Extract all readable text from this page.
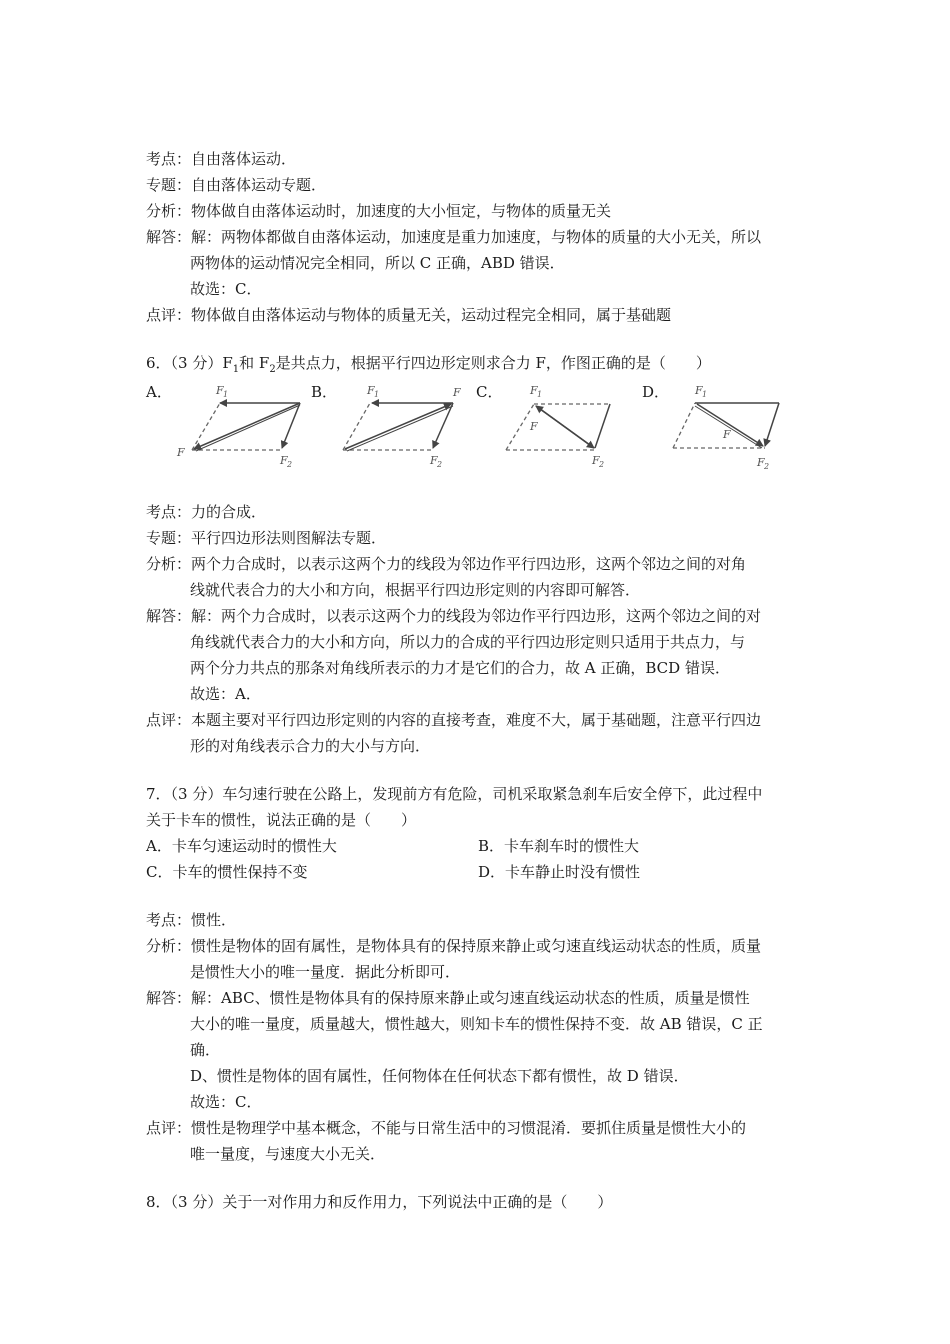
考点：自由落体运动．
专题：自由落体运动专题．
分析：物体做自由落体运动时，加速度的大小恒定，与物体的质量无关
解答：解：两物体都做自由落体运动，加速度是重力加速度，与物体的质量的大小无关，所以
两物体的运动情况完全相同，所以 C 正确，ABD 错误．
故选：C．
点评：物体做自由落体运动与物体的质量无关，运动过程完全相同，属于基础题
6．（3 分）$F_1$和 $F_2$是共点力，根据平行四边形定则求合力 F，作图正确的是（　　）
A．	B．	C．	D．
F 1
F 2
F
F 1
F 2
F	F 1
F 2
F
F 1
F 2
F
考点：力的合成．
专题：平行四边形法则图解法专题．
分析：两个力合成时，以表示这两个力的线段为邻边作平行四边形，这两个邻边之间的对角
线就代表合力的大小和方向，根据平行四边形定则的内容即可解答．
解答：解：两个力合成时，以表示这两个力的线段为邻边作平行四边形，这两个邻边之间的对
角线就代表合力的大小和方向，所以力的合成的平行四边形定则只适用于共点力，与
两个分力共点的那条对角线所表示的力才是它们的合力，故 A 正确，BCD 错误．
故选：A．
点评：本题主要对平行四边形定则的内容的直接考查，难度不大，属于基础题，注意平行四边
形的对角线表示合力的大小与方向．
7．（3 分）车匀速行驶在公路上，发现前方有危险，司机采取紧急刹车后安全停下，此过程中
关于卡车的惯性，说法正确的是（　　）
A．卡车匀速运动时的惯性大	B．卡车刹车时的惯性大
C．卡车的惯性保持不变	D．卡车静止时没有惯性
考点：惯性．
分析：惯性是物体的固有属性，是物体具有的保持原来静止或匀速直线运动状态的性质，质量
是惯性大小的唯一量度．据此分析即可．
解答：解：ABC、惯性是物体具有的保持原来静止或匀速直线运动状态的性质，质量是惯性
大小的唯一量度，质量越大，惯性越大，则知卡车的惯性保持不变．故 AB 错误，C 正
确．
D、惯性是物体的固有属性，任何物体在任何状态下都有惯性，故 D 错误．
故选：C．
点评：惯性是物理学中基本概念，不能与日常生活中的习惯混淆．要抓住质量是惯性大小的
唯一量度，与速度大小无关．
8．（3 分）关于一对作用力和反作用力，下列说法中正确的是（　　）
